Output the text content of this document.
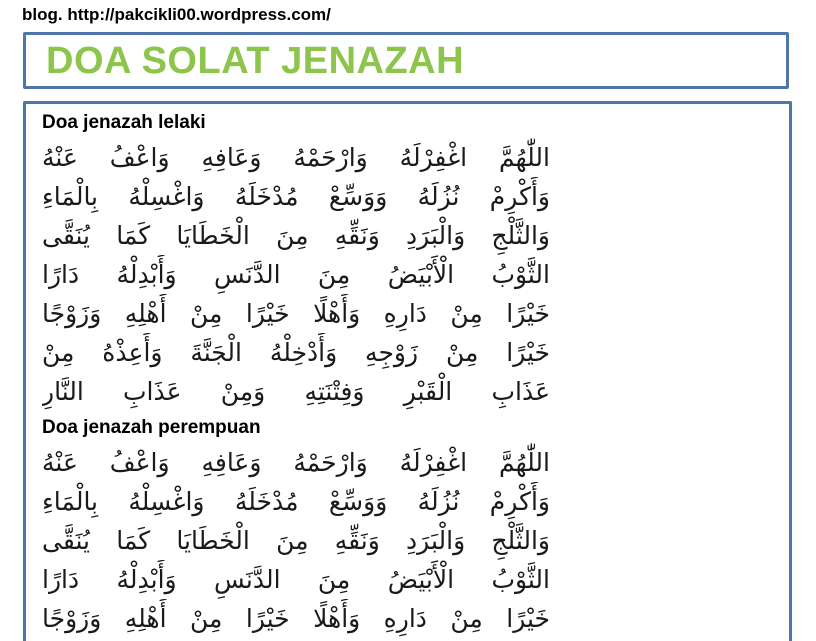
blog. http://pakcikli00.wordpress.com/
DOA SOLAT JENAZAH
Doa jenazah lelaki
اللّٰهُمَّ اغْفِرْلَهُ وَارْحَمْهُ وَعَافِهِ وَاعْفُ عَنْهُ
وَأَكْرِمْ نُزُلَهُ وَوَسِّعْ مُدْخَلَهُ وَاغْسِلْهُ بِالْمَاءِ
وَالثَّلْجِ وَالْبَرَدِ وَنَقِّهِ مِنَ الْخَطَايَا كَمَا يُنَقَّى
الثَّوْبُ الْأَبْيَضُ مِنَ الدَّنَسِ وَأَبْدِلْهُ دَارًا
خَيْرًا مِنْ دَارِهِ وَأَهْلًا خَيْرًا مِنْ أَهْلِهِ وَزَوْجًا
خَيْرًا مِنْ زَوْجِهِ وَأَدْخِلْهُ الْجَنَّةَ وَأَعِذْهُ مِنْ
عَذَابِ الْقَبْرِ وَفِتْنَتِهِ وَمِنْ عَذَابِ النَّارِ
Doa jenazah perempuan
اللّٰهُمَّ اغْفِرْلَهُ وَارْحَمْهُ وَعَافِهِ وَاعْفُ عَنْهُ
وَأَكْرِمْ نُزُلَهُ وَوَسِّعْ مُدْخَلَهُ وَاغْسِلْهُ بِالْمَاءِ
وَالثَّلْجِ وَالْبَرَدِ وَنَقِّهِ مِنَ الْخَطَايَا كَمَا يُنَقَّى
الثَّوْبُ الْأَبْيَضُ مِنَ الدَّنَسِ وَأَبْدِلْهُ دَارًا
خَيْرًا مِنْ دَارِهِ وَأَهْلًا خَيْرًا مِنْ أَهْلِهِ وَزَوْجًا
